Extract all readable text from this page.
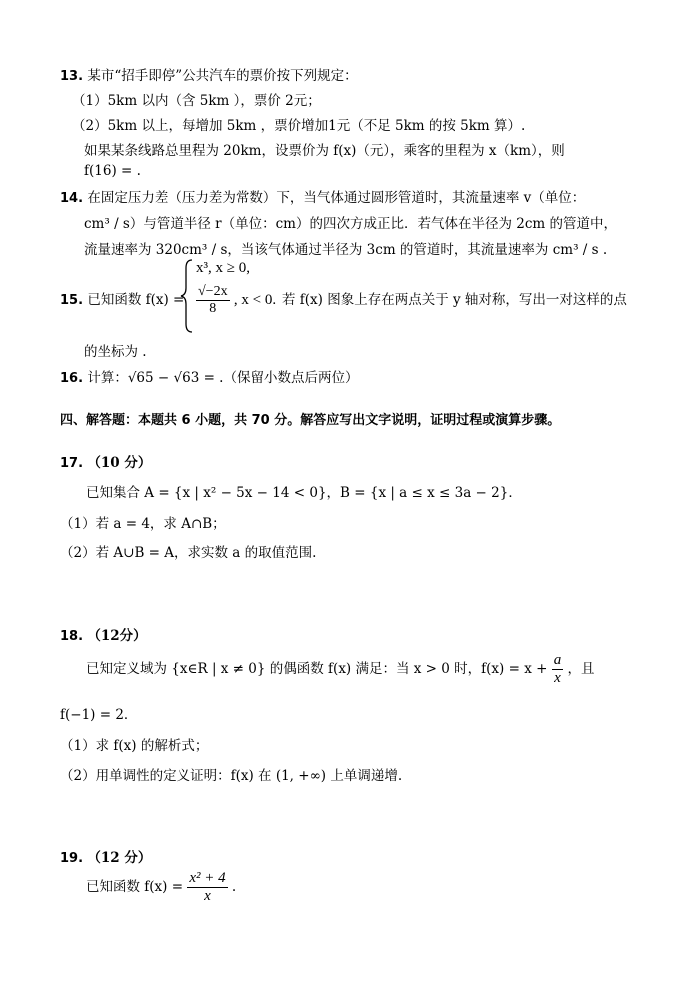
13. 某市“招手即停”公共汽车的票价按下列规定：
（1）5km 以内（含 5km ），票价 2元；
（2）5km 以上，每增加 5km ，票价增加1元（不足 5km 的按 5km 算）.
如果某条线路总里程为 20km，设票价为 f(x)（元），乘客的里程为 x（km），则
f(16) = .
14. 在固定压力差（压力差为常数）下，当气体通过圆形管道时，其流量速率 v（单位：
cm³ / s）与管道半径 r（单位：cm）的四次方成正比．若气体在半径为 2cm 的管道中，
流量速率为 320cm³ / s，当该气体通过半径为 3cm 的管道时，其流量速率为 cm³ / s .
15. 已知函数 f(x) =
x³, x ≥ 0,
$\frac{√-2x}{8}$ , x < 0. 若 f(x) 图象上存在两点关于 y 轴对称，写出一对这样的点
的坐标为 .
16. 计算：√65 − √63 = .（保留小数点后两位）
四、解答题：本题共 6 小题，共 70 分。解答应写出文字说明，证明过程或演算步骤。
17. （10 分）
已知集合 A = {x | x² − 5x − 14 < 0}，B = {x | a ≤ x ≤ 3a − 2}．
（1）若 a = 4，求 A∩B；
（2）若 A∪B = A，求实数 a 的取值范围.
18. （12分）
已知定义域为 {x∈R | x ≠ 0} 的偶函数 f(x) 满足：当 x > 0 时，$f(x) = x + \frac{a}{x}$ ，且
f(−1) = 2．
（1）求 f(x) 的解析式；
（2）用单调性的定义证明：f(x) 在 (1, +∞) 上单调递增.
19. （12 分）
已知函数 $f(x) = \frac{\text{x² + 4}}{x}$ .
